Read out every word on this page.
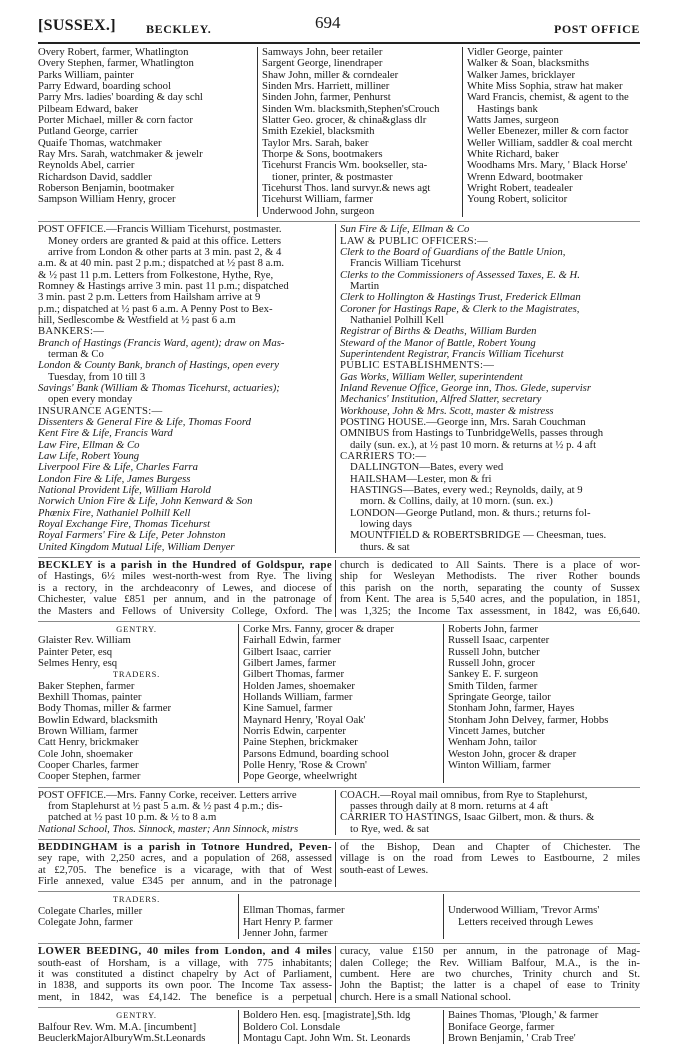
[SUSSEX.]	BECKLEY.	694	POST OFFICE
Overy Robert, farmer, Whatlington
Overy Stephen, farmer, Whatlington
Parks William, painter
Parry Edward, boarding school
Parry Mrs. ladies' boarding & day schl
Pilbeam Edward, baker
Porter Michael, miller & corn factor
Putland George, carrier
Quaife Thomas, watchmaker
Ray Mrs. Sarah, watchmaker & jewelr
Reynolds Abel, carrier
Richardson David, saddler
Roberson Benjamin, bootmaker
Sampson William Henry, grocer
Samways John, beer retailer
Sargent George, linendraper
Shaw John, miller & corndealer
Sinden Mrs. Harriett, milliner
Sinden John, farmer, Penhurst
Sinden Wm. blacksmith,Stephen'sCrouch
Slatter Geo. grocer, & china&glass dlr
Smith Ezekiel, blacksmith
Taylor Mrs. Sarah, baker
Thorpe & Sons, bootmakers
Ticehurst Francis Wm. bookseller, sta-
tioner, printer, & postmaster
Ticehurst Thos. land survyr.& news agt
Ticehurst William, farmer
Underwood John, surgeon
Vidler George, painter
Walker & Soan, blacksmiths
Walker James, bricklayer
White Miss Sophia, straw hat maker
Ward Francis, chemist, & agent to the
Hastings bank
Watts James, surgeon
Weller Ebenezer, miller & corn factor
Weller William, saddler & coal mercht
White Richard, baker
Woodhams Mrs. Mary, ' Black Horse'
Wrenn Edward, bootmaker
Wright Robert, teadealer
Young Robert, solicitor
POST OFFICE.—Francis William Ticehurst, postmaster.
Money orders are granted & paid at this office. Letters
arrive from London & other parts at 3 min. past 2, & 4
a.m. & at 40 min. past 2 p.m.; dispatched at ½ past 8 a.m.
& ½ past 11 p.m. Letters from Folkestone, Hythe, Rye,
Romney & Hastings arrive 3 min. past 11 p.m.; dispatched
3 min. past 2 p.m. Letters from Hailsham arrive at 9
p.m.; dispatched at ½ past 6 a.m. A Penny Post to Bex-
hill, Sedlescombe & Westfield at ½ past 6 a.m
BANKERS:—
Branch of Hastings (Francis Ward, agent); draw on Mas-
terman & Co
London & County Bank, branch of Hastings, open every
Tuesday, from 10 till 3
Savings' Bank (William & Thomas Ticehurst, actuaries);
open every monday
INSURANCE AGENTS:—
Dissenters & General Fire & Life, Thomas Foord
Kent Fire & Life, Francis Ward
Law Fire, Ellman & Co
Law Life, Robert Young
Liverpool Fire & Life, Charles Farra
London Fire & Life, James Burgess
National Provident Life, William Harold
Norwich Union Fire & Life, John Kenward & Son
Phœnix Fire, Nathaniel Polhill Kell
Royal Exchange Fire, Thomas Ticehurst
Royal Farmers' Fire & Life, Peter Johnston
United Kingdom Mutual Life, William Denyer
Sun Fire & Life, Ellman & Co
LAW & PUBLIC OFFICERS:—
Clerk to the Board of Guardians of the Battle Union,
Francis William Ticehurst
Clerks to the Commissioners of Assessed Taxes, E. & H.
Martin
Clerk to Hollington & Hastings Trust, Frederick Ellman
Coroner for Hastings Rape, & Clerk to the Magistrates,
Nathaniel Polhill Kell
Registrar of Births & Deaths, William Burden
Steward of the Manor of Battle, Robert Young
Superintendent Registrar, Francis William Ticehurst
PUBLIC ESTABLISHMENTS:—
Gas Works, William Weller, superintendent
Inland Revenue Office, George inn, Thos. Glede, supervisr
Mechanics' Institution, Alfred Slatter, secretary
Workhouse, John & Mrs. Scott, master & mistress
POSTING HOUSE.—George inn, Mrs. Sarah Couchman
OMNIBUS from Hastings to TunbridgeWells, passes through
daily (sun. ex.), at ½ past 10 morn. & returns at ½ p. 4 aft
CARRIERS TO:—
DALLINGTON—Bates, every wed
HAILSHAM—Lester, mon & fri
HASTINGS—Bates, every wed.; Reynolds, daily, at 9
morn. & Collins, daily, at 10 morn. (sun. ex.)
LONDON—George Putland, mon. & thurs.; returns fol-
lowing days
MOUNTFIELD & ROBERTSBRIDGE — Cheesman, tues.
thurs. & sat
BECKLEY is a parish in the Hundred of Goldspur, rape
of Hastings, 6½ miles west-north-west from Rye. The living
is a rectory, in the archdeaconry of Lewes, and diocese of
Chichester, value £851 per annum, and in the patronage of
the Masters and Fellows of University College, Oxford. The
church is dedicated to All Saints. There is a place of wor-
ship for Wesleyan Methodists. The river Rother bounds
this parish on the north, separating the county of Sussex
from Kent. The area is 5,540 acres, and the population, in 1851,
was 1,325; the Income Tax assessment, in 1842, was £6,640.
GENTRY.
Glaister Rev. William
Painter Peter, esq
Selmes Henry, esq
TRADERS.
Baker Stephen, farmer
Bexhill Thomas, painter
Body Thomas, miller & farmer
Bowlin Edward, blacksmith
Brown William, farmer
Catt Henry, brickmaker
Cole John, shoemaker
Cooper Charles, farmer
Cooper Stephen, farmer
Corke Mrs. Fanny, grocer & draper
Fairhall Edwin, farmer
Gilbert Isaac, carrier
Gilbert James, farmer
Gilbert Thomas, farmer
Holden James, shoemaker
Hollands William, farmer
Kine Samuel, farmer
Maynard Henry, 'Royal Oak'
Norris Edwin, carpenter
Paine Stephen, brickmaker
Parsons Edmund, boarding school
Polle Henry, 'Rose & Crown'
Pope George, wheelwright
Roberts John, farmer
Russell Isaac, carpenter
Russell John, butcher
Russell John, grocer
Sankey E. F. surgeon
Smith Tilden, farmer
Springate George, tailor
Stonham John, farmer, Hayes
Stonham John Delvey, farmer, Hobbs
Vincett James, butcher
Wenham John, tailor
Weston John, grocer & draper
Winton William, farmer
POST OFFICE.—Mrs. Fanny Corke, receiver. Letters arrive
from Staplehurst at ½ past 5 a.m. & ½ past 4 p.m.; dis-
patched at ½ past 10 p.m. & ½ to 8 a.m
National School, Thos. Sinnock, master; Ann Sinnock, mistrs
COACH.—Royal mail omnibus, from Rye to Staplehurst,
passes through daily at 8 morn. returns at 4 aft
CARRIER TO HASTINGS, Isaac Gilbert, mon. & thurs. &
to Rye, wed. & sat
BEDDINGHAM is a parish in Totnore Hundred, Peven-
sey rape, with 2,250 acres, and a population of 268, assessed
at £2,705. The benefice is a vicarage, with that of West
Firle annexed, value £345 per annum, and in the patronage
of the Bishop, Dean and Chapter of Chichester. The
village is on the road from Lewes to Eastbourne, 2 miles
south-east of Lewes.
TRADERS.
Colegate Charles, miller
Colegate John, farmer
Ellman Thomas, farmer
Hart Henry P. farmer
Jenner John, farmer
Underwood William, 'Trevor Arms'
Letters received through Lewes
LOWER BEEDING, 40 miles from London, and 4 miles
south-east of Horsham, is a village, with 775 inhabitants;
it was constituted a distinct chapelry by Act of Parliament,
in 1838, and supports its own poor. The Income Tax assess-
ment, in 1842, was £4,142. The benefice is a perpetual
curacy, value £150 per annum, in the patronage of Mag-
dalen College; the Rev. William Balfour, M.A., is the in-
cumbent. Here are two churches, Trinity church and St.
John the Baptist; the latter is a chapel of ease to Trinity
church. Here is a small National school.
GENTRY.
Balfour Rev. Wm. M.A. [incumbent]
BeuclerkMajorAlburyWm.St.Leonards
Boldero Hen. esq. [magistrate],Sth. ldg
Boldero Col. Lonsdale
Montagu Capt. John Wm. St. Leonards
Baines Thomas, 'Plough,' & farmer
Boniface George, farmer
Brown Benjamin, ' Crab Tree'
